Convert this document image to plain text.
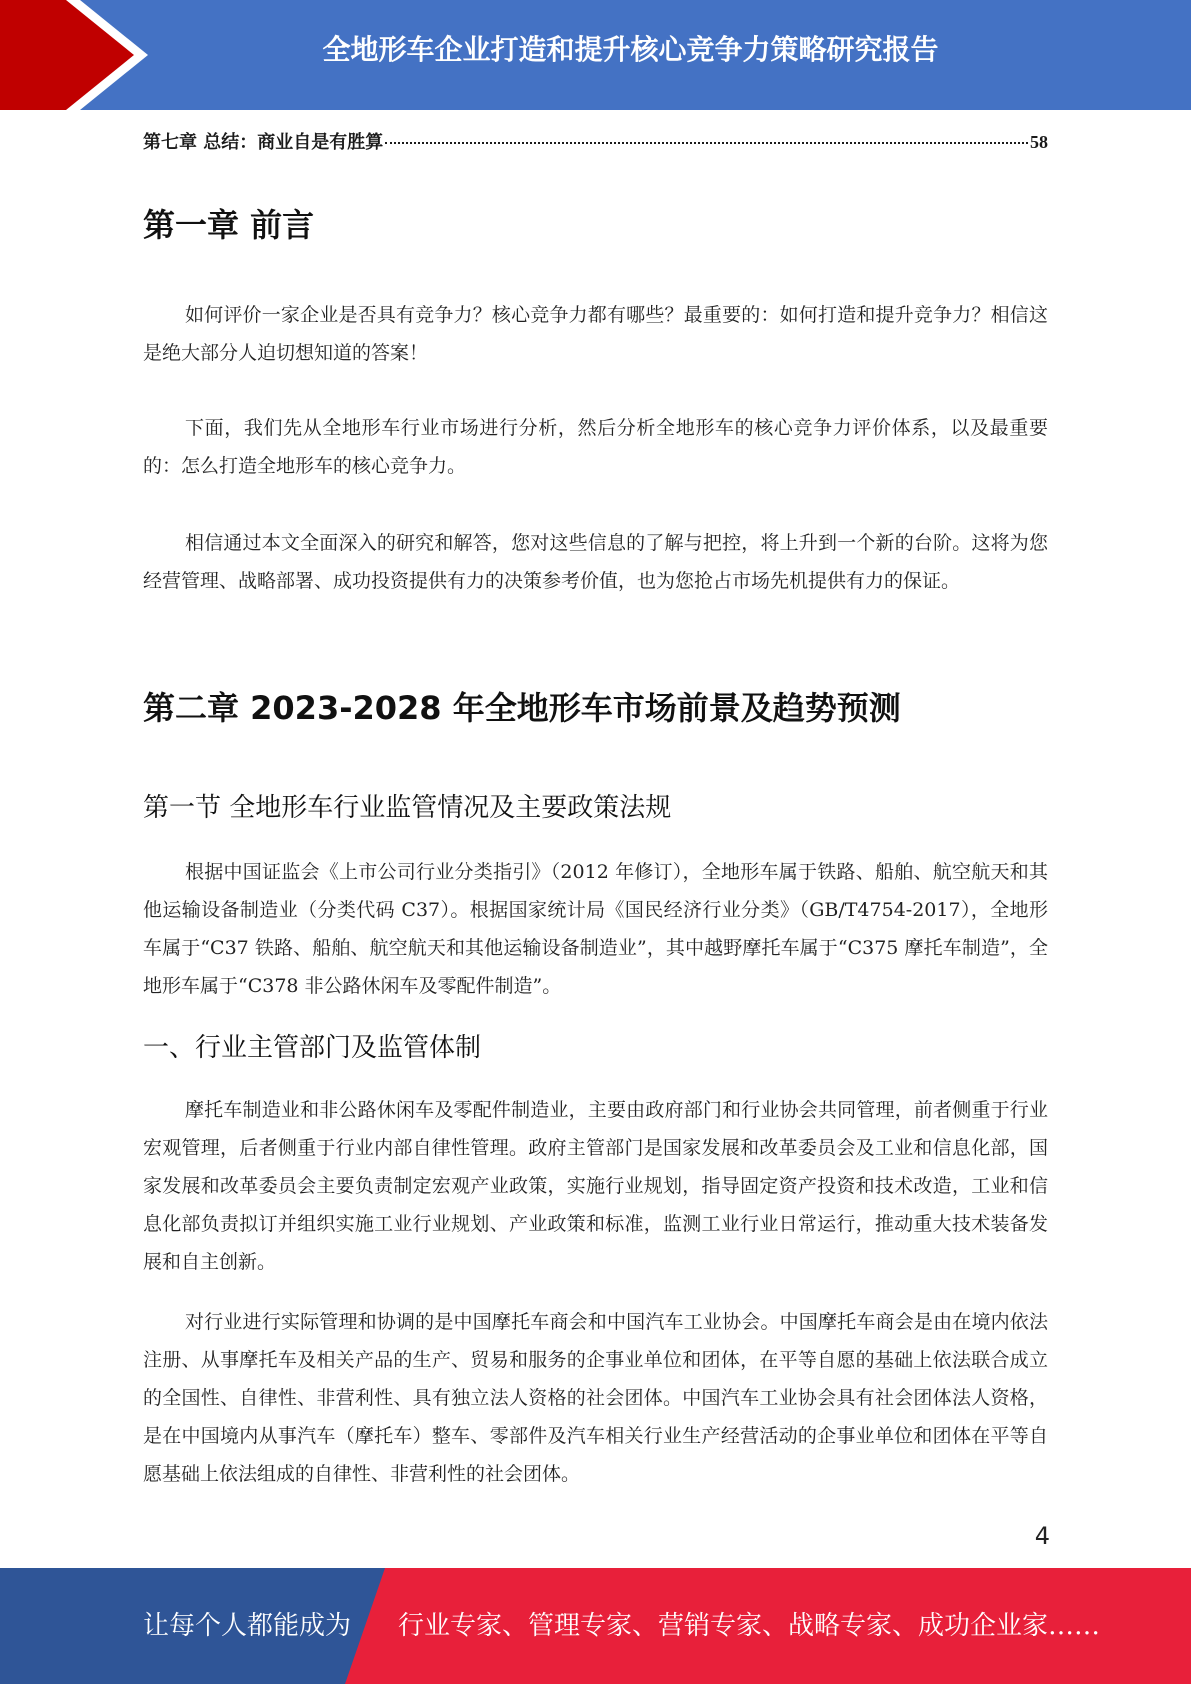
全地形车企业打造和提升核心竞争力策略研究报告
第七章 总结：商业自是有胜算	58
第一章 前言
如何评价一家企业是否具有竞争力？核心竞争力都有哪些？最重要的：如何打造和提升竞争力？相信这是绝大部分人迫切想知道的答案！
下面，我们先从全地形车行业市场进行分析，然后分析全地形车的核心竞争力评价体系，以及最重要的：怎么打造全地形车的核心竞争力。
相信通过本文全面深入的研究和解答，您对这些信息的了解与把控，将上升到一个新的台阶。这将为您经营管理、战略部署、成功投资提供有力的决策参考价值，也为您抢占市场先机提供有力的保证。
第二章 2023-2028 年全地形车市场前景及趋势预测
第一节 全地形车行业监管情况及主要政策法规
根据中国证监会《上市公司行业分类指引》（2012 年修订），全地形车属于铁路、船舶、航空航天和其他运输设备制造业（分类代码 C37）。根据国家统计局《国民经济行业分类》（GB/T4754-2017），全地形车属于“C37 铁路、船舶、航空航天和其他运输设备制造业”，其中越野摩托车属于“C375 摩托车制造”，全地形车属于“C378 非公路休闲车及零配件制造”。
一、行业主管部门及监管体制
摩托车制造业和非公路休闲车及零配件制造业，主要由政府部门和行业协会共同管理，前者侧重于行业宏观管理，后者侧重于行业内部自律性管理。政府主管部门是国家发展和改革委员会及工业和信息化部，国家发展和改革委员会主要负责制定宏观产业政策，实施行业规划，指导固定资产投资和技术改造，工业和信息化部负责拟订并组织实施工业行业规划、产业政策和标准，监测工业行业日常运行，推动重大技术装备发展和自主创新。
对行业进行实际管理和协调的是中国摩托车商会和中国汽车工业协会。中国摩托车商会是由在境内依法注册、从事摩托车及相关产品的生产、贸易和服务的企事业单位和团体，在平等自愿的基础上依法联合成立的全国性、自律性、非营利性、具有独立法人资格的社会团体。中国汽车工业协会具有社会团体法人资格，是在中国境内从事汽车（摩托车）整车、零部件及汽车相关行业生产经营活动的企事业单位和团体在平等自愿基础上依法组成的自律性、非营利性的社会团体。
4
让每个人都能成为 行业专家、管理专家、营销专家、战略专家、成功企业家……
